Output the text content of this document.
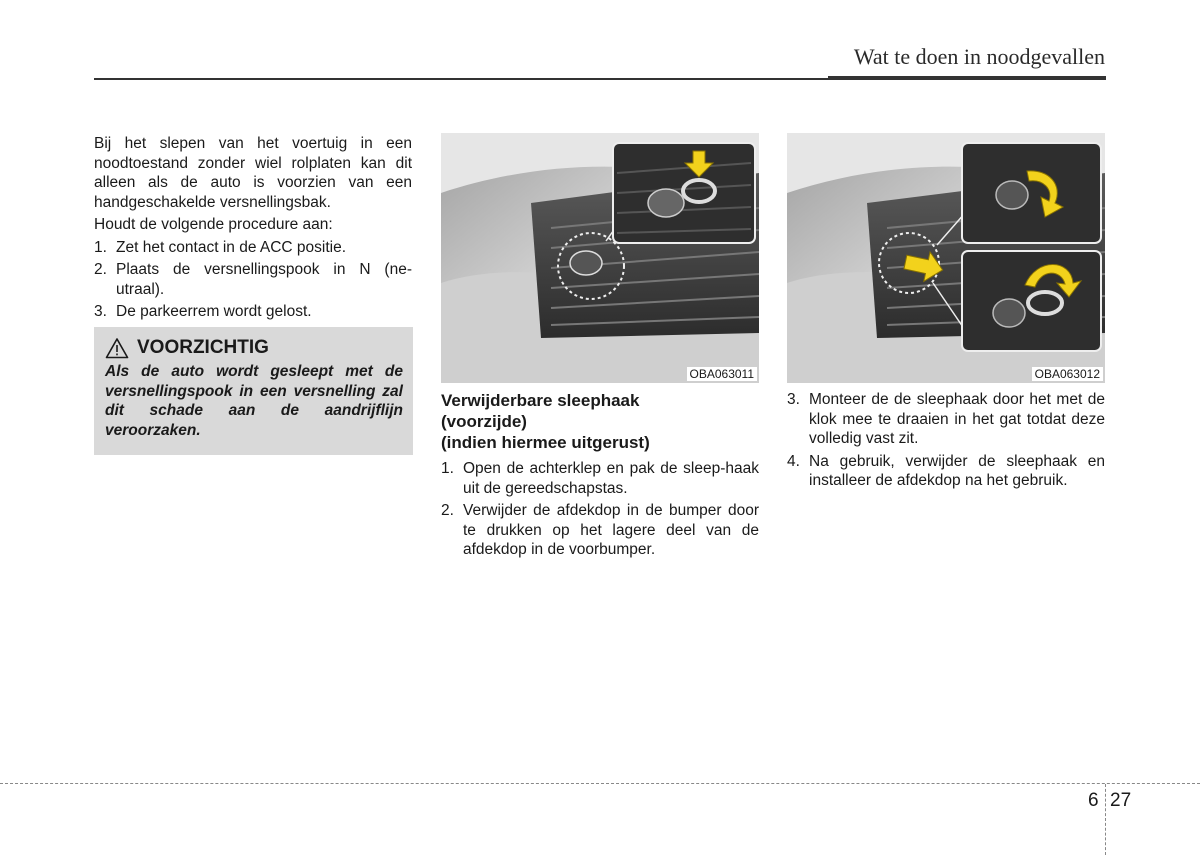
Wat te doen in noodgevallen

Bij het slepen van het voertuig in een noodtoestand zonder wiel rolplaten kan dit alleen als de auto is voorzien van een handgeschakelde versnellingsbak.

Houdt de volgende procedure aan:

1. Zet het contact in de ACC positie.
2. Plaats de versnellingspook in N (ne-utraal).
3. De parkeerrem wordt gelost.
VOORZICHTIG
Als de auto wordt gesleept met de versnellingspook in een versnelling zal dit schade aan de aandrijflijn veroorzaken.
OBA063011	OBA063012
Verwijderbare sleephaak
(voorzijde)
(indien hiermee uitgerust)
1. Open de achterklep en pak de sleep-haak uit de gereedschapstas.
2. Verwijder de afdekdop in de bumper door te drukken op het lagere deel van de afdekdop in de voorbumper.
3. Monteer de de sleephaak door het met de klok mee te draaien in het gat totdat deze volledig vast zit.
4. Na gebruik, verwijder de sleephaak en installeer de afdekdop na het gebruik.
6 27
